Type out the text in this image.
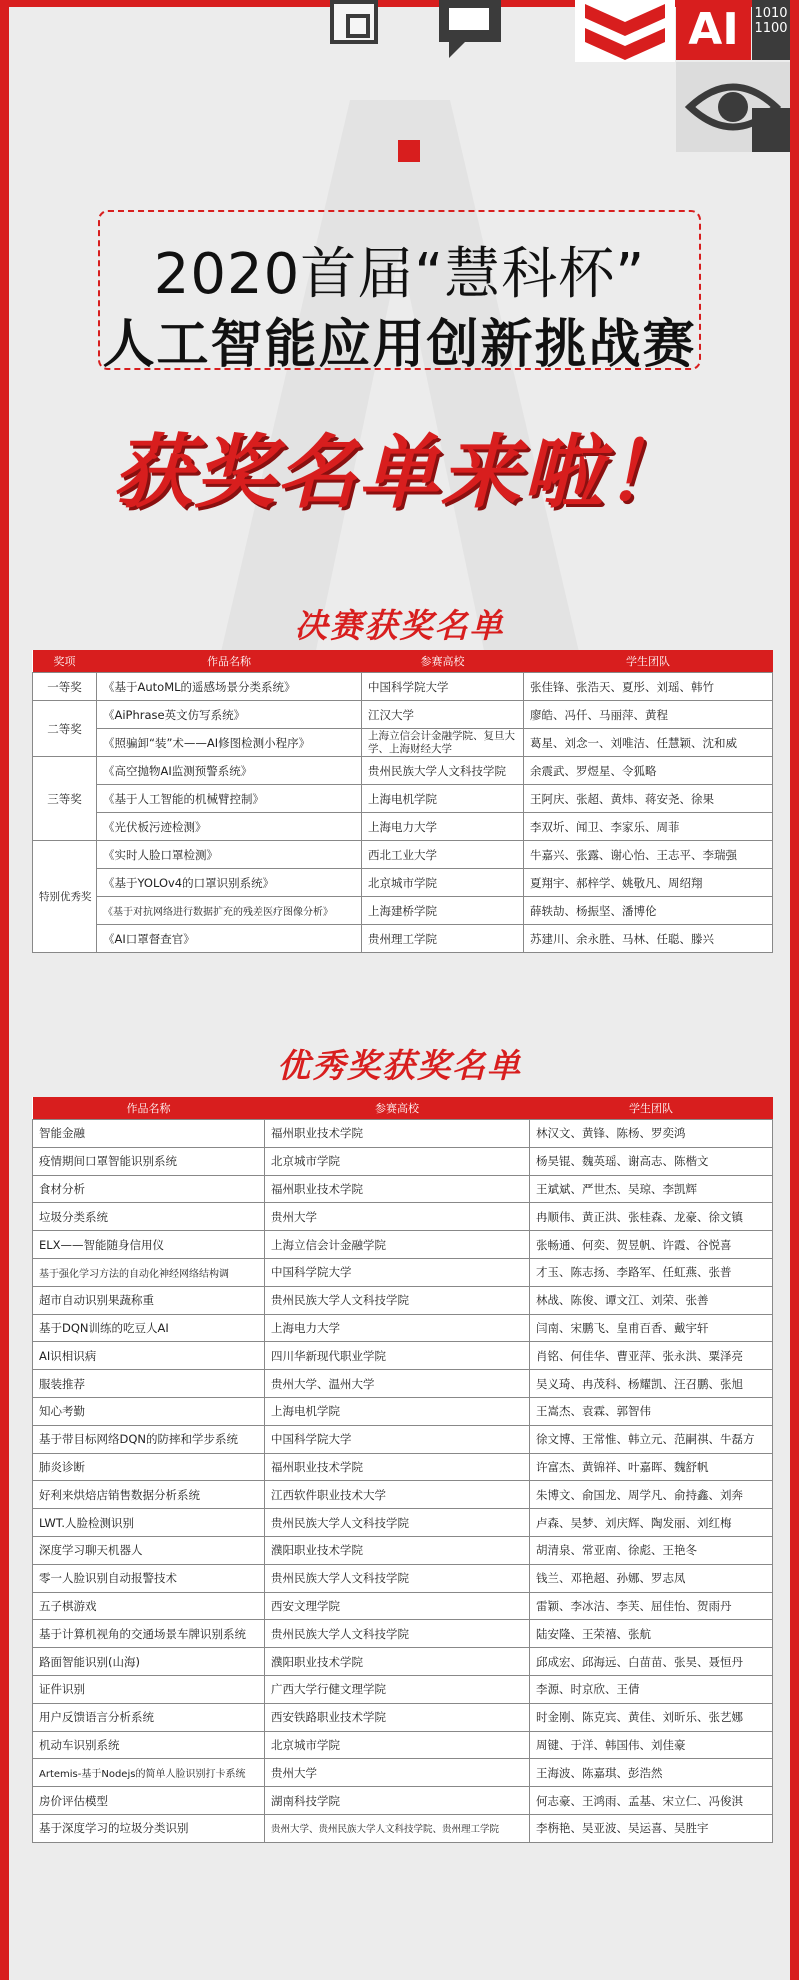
AI	1010
1100
2020首届“慧科杯”
人工智能应用创新挑战赛
获奖名单来啦！
决赛获奖名单
奖项	作品名称	参赛高校	学生团队
一等奖	《基于AutoML的遥感场景分类系统》	中国科学院大学	张佳锋、张浩天、夏彤、刘瑶、韩竹
二等奖	《AiPhrase英文仿写系统》	江汉大学	廖皓、冯仟、马丽萍、黄程
	《照骗卸“装”术——AI修图检测小程序》	上海立信会计金融学院、复旦大学、上海财经大学	葛星、刘念一、刘唯洁、任慧颖、沈和威
三等奖	《高空抛物AI监测预警系统》	贵州民族大学人文科技学院	余震武、罗煜星、令狐略
	《基于人工智能的机械臂控制》	上海电机学院	王阿庆、张超、黄炜、蒋安尧、徐果
	《光伏板污迹检测》	上海电力大学	李双圻、闻卫、李家乐、周菲
特别优秀奖	《实时人脸口罩检测》	西北工业大学	牛嘉兴、张露、谢心怡、王志平、李瑞强
	《基于YOLOv4的口罩识别系统》	北京城市学院	夏翔宇、郝梓学、姚敬凡、周绍翔
	《基于对抗网络进行数据扩充的残差医疗图像分析》	上海建桥学院	薛轶劼、杨振坚、潘博伦
	《AI口罩督查官》	贵州理工学院	苏建川、余永胜、马林、任聪、滕兴
优秀奖获奖名单
作品名称	参赛高校	学生团队
智能金融	福州职业技术学院	林汉文、黄锋、陈杨、罗奕鸿
疫情期间口罩智能识别系统	北京城市学院	杨昊锟、魏英瑶、谢高志、陈楷文
食材分析	福州职业技术学院	王斌斌、严世杰、吴琼、李凯辉
垃圾分类系统	贵州大学	冉顺伟、黄正洪、张桂森、龙豪、徐文镇
ELX——智能随身信用仪	上海立信会计金融学院	张畅通、何奕、贺昱帆、许霞、谷悦喜
基于强化学习方法的自动化神经网络结构调	中国科学院大学	才玉、陈志扬、李路军、任虹燕、张普
超市自动识别果蔬称重	贵州民族大学人文科技学院	林战、陈俊、谭文江、刘荣、张善
基于DQN训练的吃豆人AI	上海电力大学	闫南、宋鹏飞、皇甫百香、戴宇轩
AI识相识病	四川华新现代职业学院	肖铭、何佳华、曹亚萍、张永洪、粟泽亮
服装推荐	贵州大学、温州大学	吴义琦、冉茂科、杨耀凯、汪召鹏、张旭
知心考勤	上海电机学院	王嵩杰、袁霖、郭智伟
基于带目标网络DQN的防摔和学步系统	中国科学院大学	徐文博、王常惟、韩立元、范嗣祺、牛磊方
肺炎诊断	福州职业技术学院	许富杰、黄锦祥、叶嘉晖、魏舒帆
好利来烘焙店销售数据分析系统	江西软件职业技术大学	朱博文、俞国龙、周学凡、俞持鑫、刘奔
LWT.人脸检测识别	贵州民族大学人文科技学院	卢森、吴梦、刘庆辉、陶发丽、刘红梅
深度学习聊天机器人	濮阳职业技术学院	胡清泉、常亚南、徐彪、王艳冬
零一人脸识别自动报警技术	贵州民族大学人文科技学院	钱兰、邓艳超、孙娜、罗志凤
五子棋游戏	西安文理学院	雷颖、李冰洁、李芙、屈佳怡、贺雨丹
基于计算机视角的交通场景车牌识别系统	贵州民族大学人文科技学院	陆安隆、王荣禧、张航
路面智能识别(山海)	濮阳职业技术学院	邱成宏、邱海远、白苗苗、张昊、聂恒丹
证件识别	广西大学行健文理学院	李源、时京欣、王倩
用户反馈语言分析系统	西安铁路职业技术学院	时金刚、陈克宾、黄佳、刘昕乐、张艺娜
机动车识别系统	北京城市学院	周键、于洋、韩国伟、刘佳豪
Artemis-基于Nodejs的简单人脸识别打卡系统	贵州大学	王海波、陈嘉琪、彭浩然
房价评估模型	湖南科技学院	何志豪、王鸿雨、孟基、宋立仁、冯俊淇
基于深度学习的垃圾分类识别	贵州大学、贵州民族大学人文科技学院、贵州理工学院	李栴艳、吴亚波、吴运喜、吴胜宇
